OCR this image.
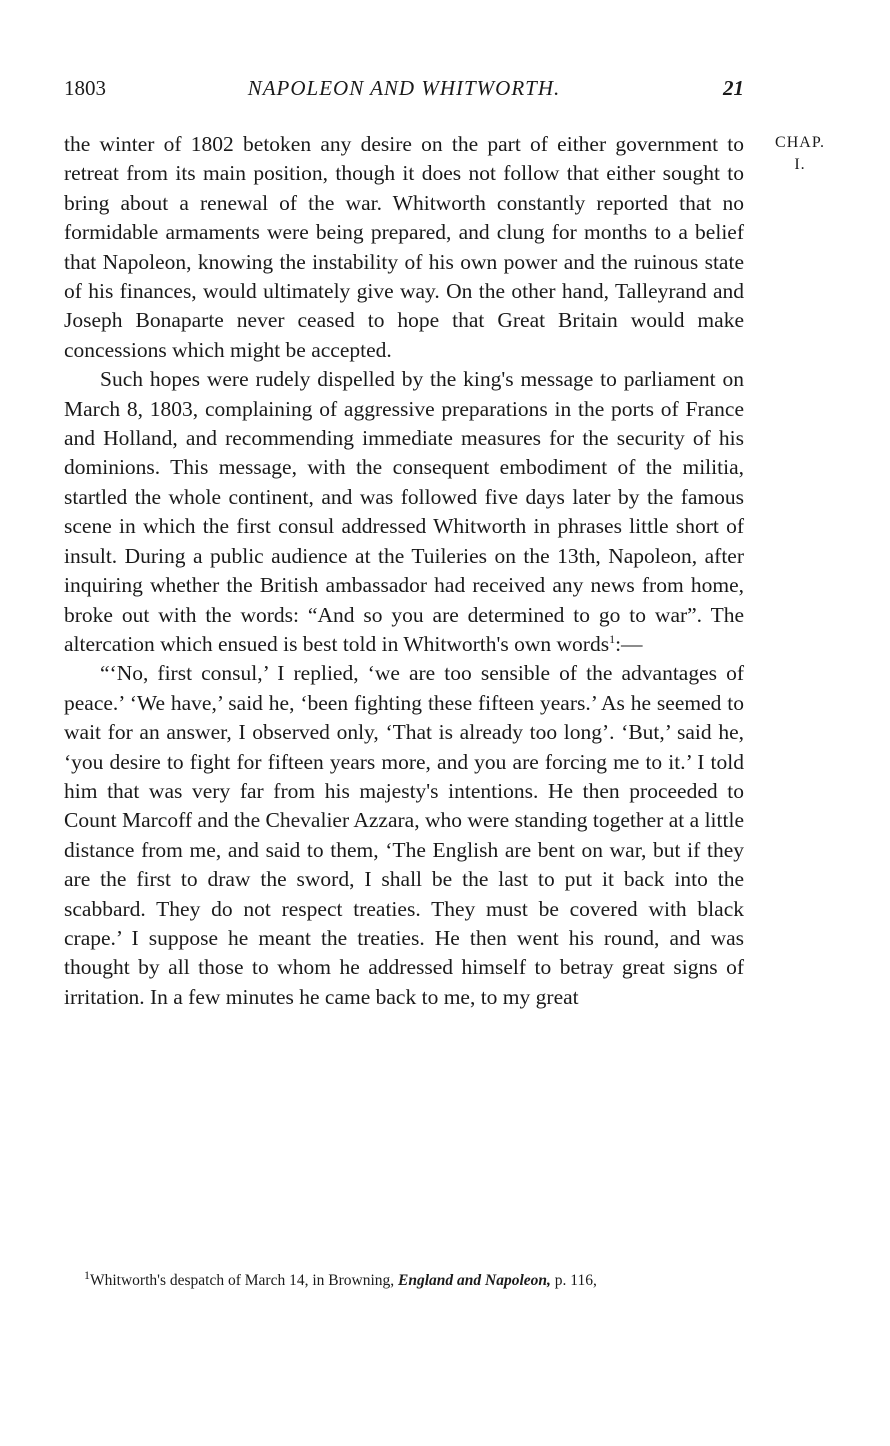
1803	NAPOLEON AND WHITWORTH.	21
CHAP.
I.

the winter of 1802 betoken any desire on the part of either government to retreat from its main position, though it does not follow that either sought to bring about a renewal of the war. Whitworth constantly reported that no formidable armaments were being prepared, and clung for months to a belief that Napoleon, knowing the instability of his own power and the ruinous state of his finances, would ultimately give way. On the other hand, Talleyrand and Joseph Bonaparte never ceased to hope that Great Britain would make concessions which might be accepted.

Such hopes were rudely dispelled by the king's message to parliament on March 8, 1803, complaining of aggressive preparations in the ports of France and Holland, and recommending immediate measures for the security of his dominions. This message, with the consequent embodiment of the militia, startled the whole continent, and was followed five days later by the famous scene in which the first consul addressed Whitworth in phrases little short of insult. During a public audience at the Tuileries on the 13th, Napoleon, after inquiring whether the British ambassador had received any news from home, broke out with the words: “And so you are determined to go to war”. The altercation which ensued is best told in Whitworth's own words$^1$:—

“‘No, first consul,’ I replied, ‘we are too sensible of the advantages of peace.’ ‘We have,’ said he, ‘been fighting these fifteen years.’ As he seemed to wait for an answer, I observed only, ‘That is already too long’. ‘But,’ said he, ‘you desire to fight for fifteen years more, and you are forcing me to it.’ I told him that was very far from his majesty's intentions. He then proceeded to Count Marcoff and the Chevalier Azzara, who were standing together at a little distance from me, and said to them, ‘The English are bent on war, but if they are the first to draw the sword, I shall be the last to put it back into the scabbard. They do not respect treaties. They must be covered with black crape.’ I suppose he meant the treaties. He then went his round, and was thought by all those to whom he addressed himself to betray great signs of irritation. In a few minutes he came back to me, to my great

$^1$Whitworth's despatch of March 14, in Browning, England and Napoleon, p. 116,
